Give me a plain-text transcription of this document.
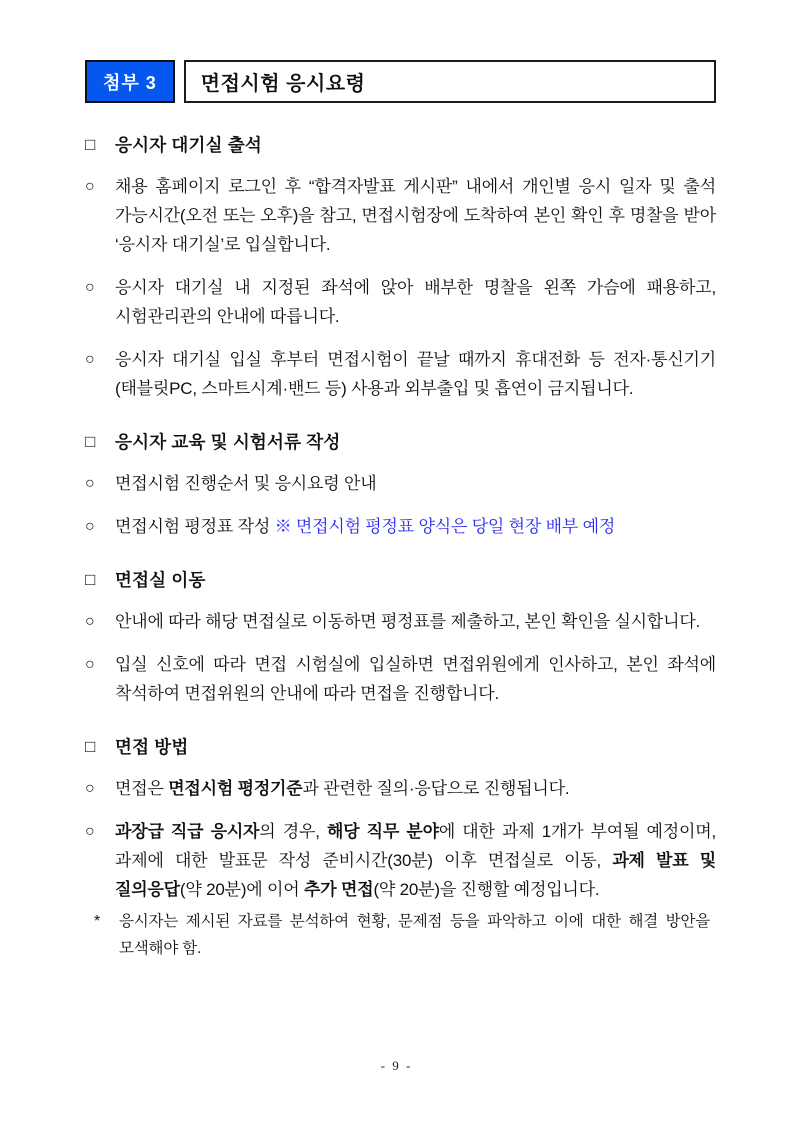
첨부 3	면접시험 응시요령
□ 응시자 대기실 출석
○ 채용 홈페이지 로그인 후 “합격자발표 게시판” 내에서 개인별 응시 일자 및 출석 가능시간(오전 또는 오후)을 참고, 면접시험장에 도착하여 본인 확인 후 명찰을 받아 ‘응시자 대기실’로 입실합니다.
○ 응시자 대기실 내 지정된 좌석에 앉아 배부한 명찰을 왼쪽 가슴에 패용하고, 시험관리관의 안내에 따릅니다.
○ 응시자 대기실 입실 후부터 면접시험이 끝날 때까지 휴대전화 등 전자·통신기기(태블릿PC, 스마트시계·밴드 등) 사용과 외부출입 및 흡연이 금지됩니다.
□ 응시자 교육 및 시험서류 작성
○ 면접시험 진행순서 및 응시요령 안내
○ 면접시험 평정표 작성 ※ 면접시험 평정표 양식은 당일 현장 배부 예정
□ 면접실 이동
○ 안내에 따라 해당 면접실로 이동하면 평정표를 제출하고, 본인 확인을 실시합니다.
○ 입실 신호에 따라 면접 시험실에 입실하면 면접위원에게 인사하고, 본인 좌석에 착석하여 면접위원의 안내에 따라 면접을 진행합니다.
□ 면접 방법
○ 면접은 면접시험 평정기준과 관련한 질의·응답으로 진행됩니다.
○ 과장급 직급 응시자의 경우, 해당 직무 분야에 대한 과제 1개가 부여될 예정이며, 과제에 대한 발표문 작성 준비시간(30분) 이후 면접실로 이동, 과제 발표 및 질의응답(약 20분)에 이어 추가 면접(약 20분)을 진행할 예정입니다.
* 응시자는 제시된 자료를 분석하여 현황, 문제점 등을 파악하고 이에 대한 해결 방안을 모색해야 함.
- 9 -
